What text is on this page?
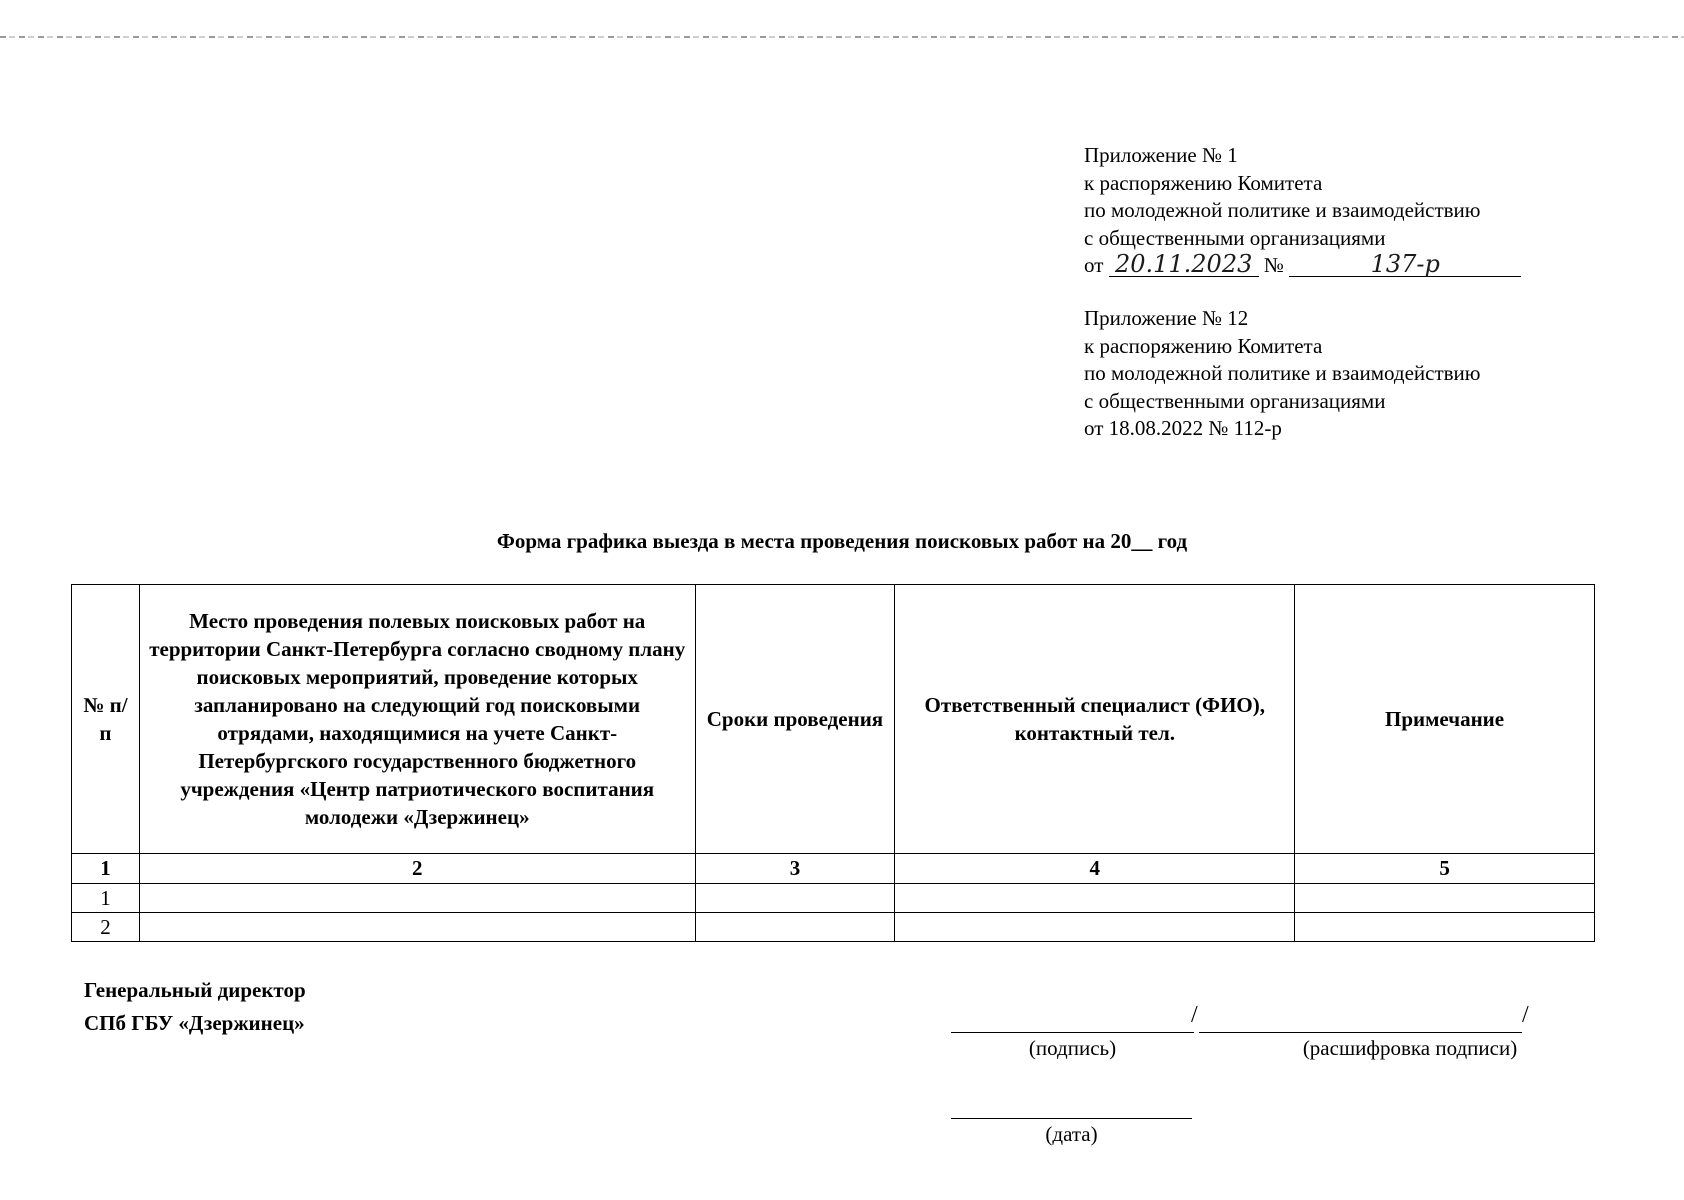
Приложение № 1

к распоряжению Комитета

по молодежной политике и взаимодействию

с общественными организациями

от 20.11.2023 №	137-р

Приложение № 12

к распоряжению Комитета

по молодежной политике и взаимодействию

с общественными организациями

от 18.08.2022 № 112-р

Форма графика выезда в места проведения поисковых работ на 20__ год
№ п/п	Место проведения полевых поисковых работ на территории Санкт-Петербурга согласно сводному плану поисковых мероприятий, проведение которых запланировано на следующий год поисковыми отрядами, находящимися на учете Санкт-Петербургского государственного бюджетного учреждения «Центр патриотического воспитания молодежи «Дзержинец»	Сроки проведения	Ответственный специалист (ФИО), контактный тел.	Примечание
1	2	3	4	5
1				
2				

Генеральный директор

СПб ГБУ «Дзержинец»	/	/
(подпись)	(расшифровка подписи)
(дата)
